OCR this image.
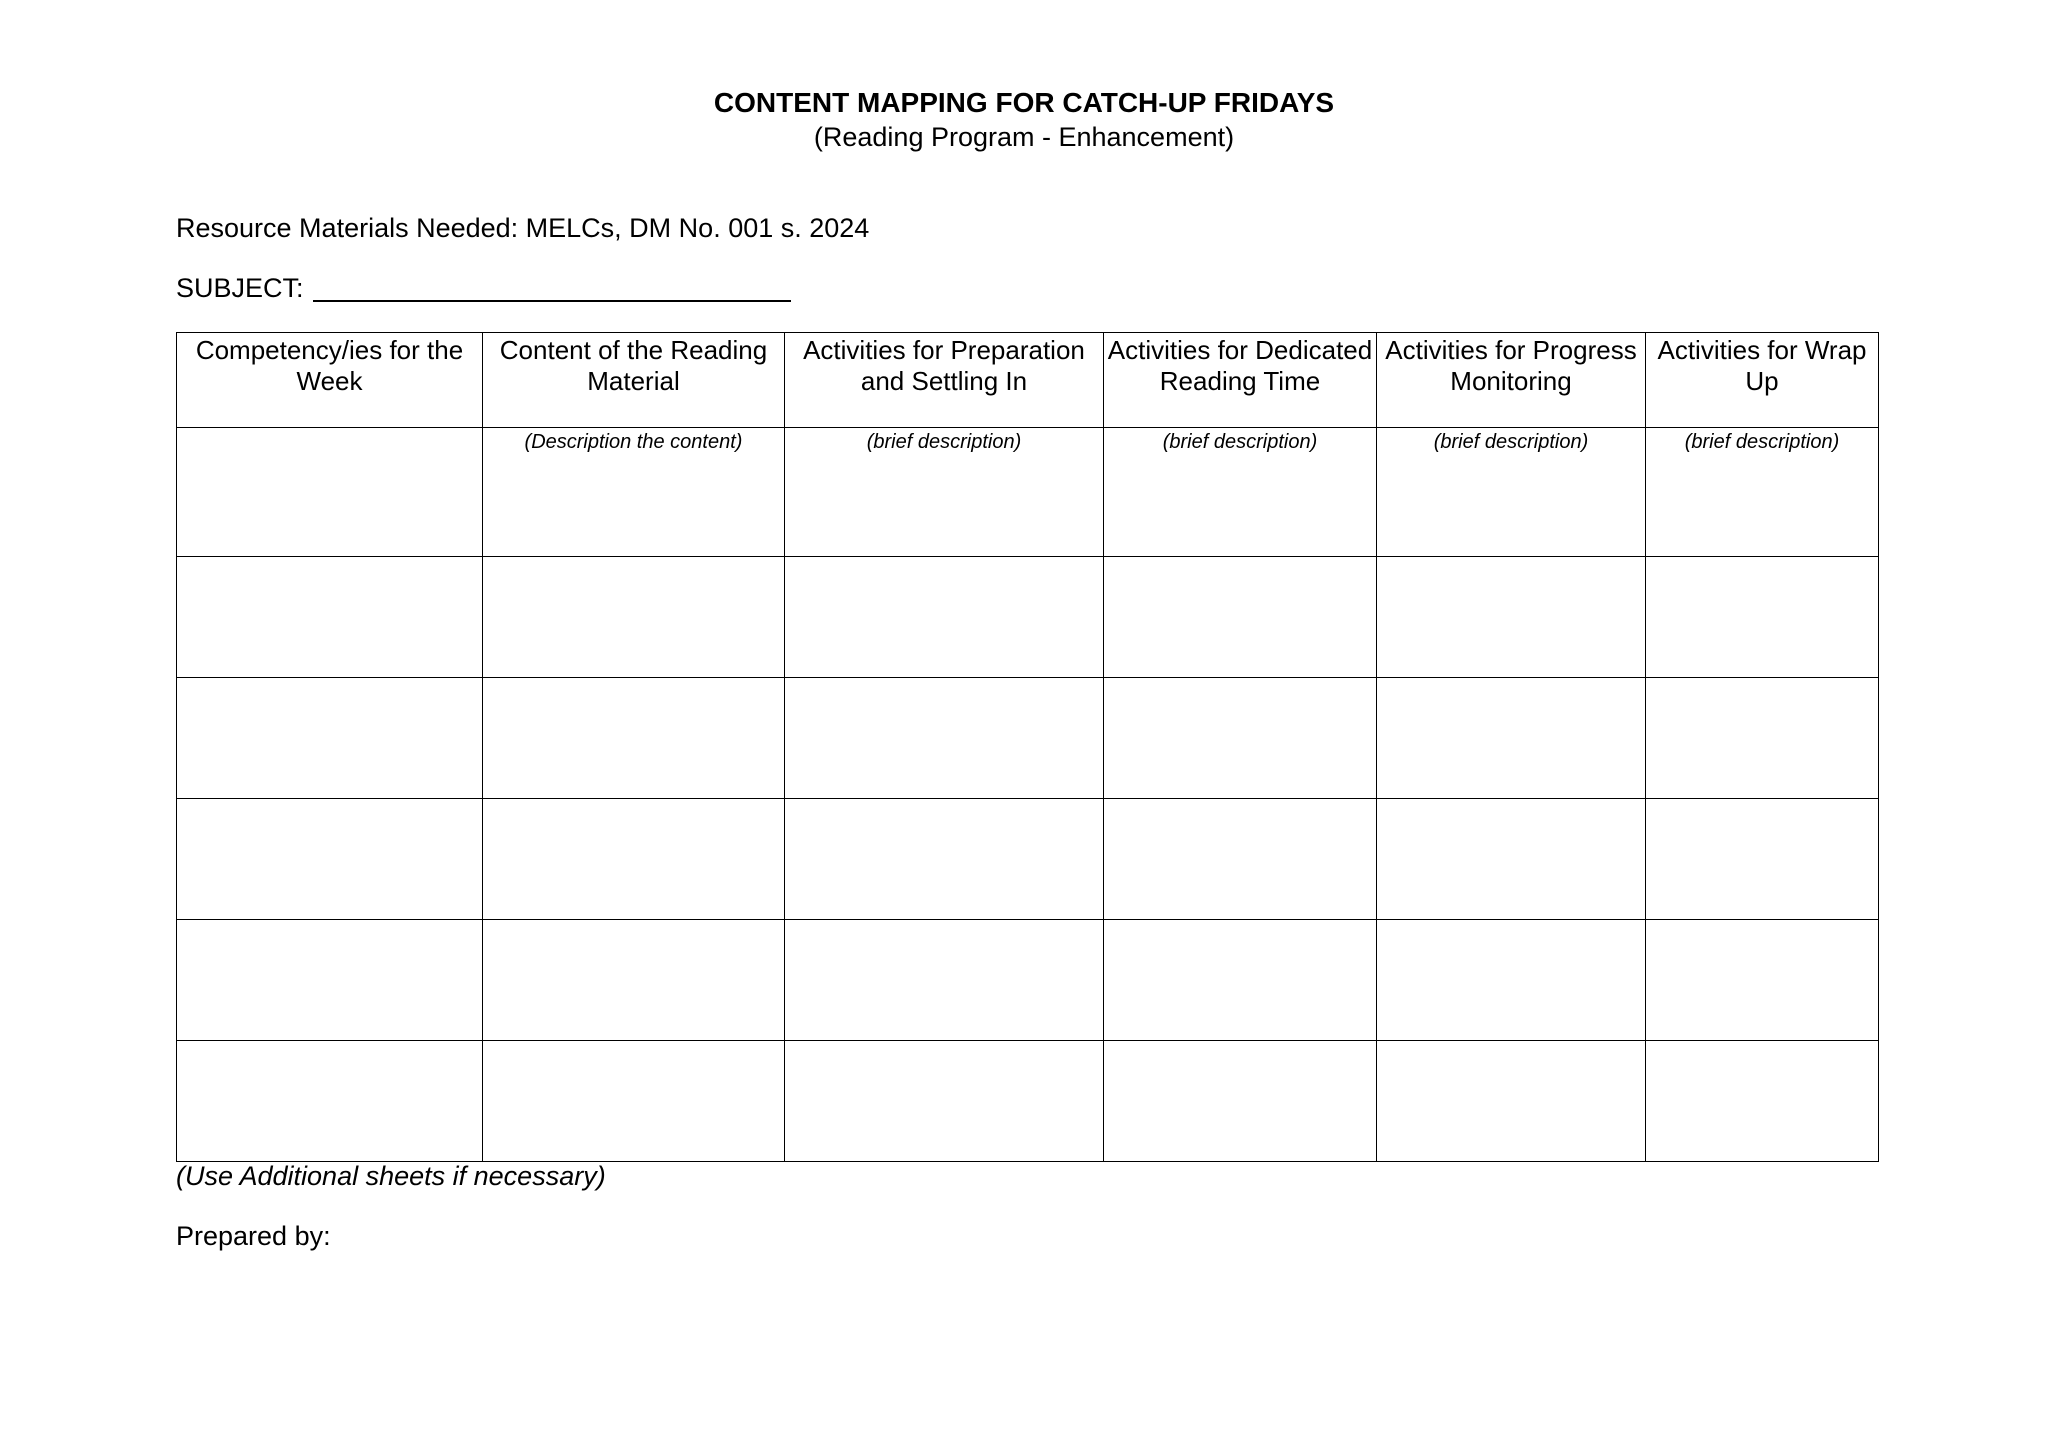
CONTENT MAPPING FOR CATCH-UP FRIDAYS
(Reading Program - Enhancement)
Resource Materials Needed: MELCs, DM No. 001 s. 2024
SUBJECT:
Competency/ies for the Week	Content of the Reading Material	Activities for Preparation and Settling In	Activities for Dedicated Reading Time	Activities for Progress Monitoring	Activities for Wrap Up
	(Description the content)	(brief description)	(brief description)	(brief description)	(brief description)

(Use Additional sheets if necessary)
Prepared by:
